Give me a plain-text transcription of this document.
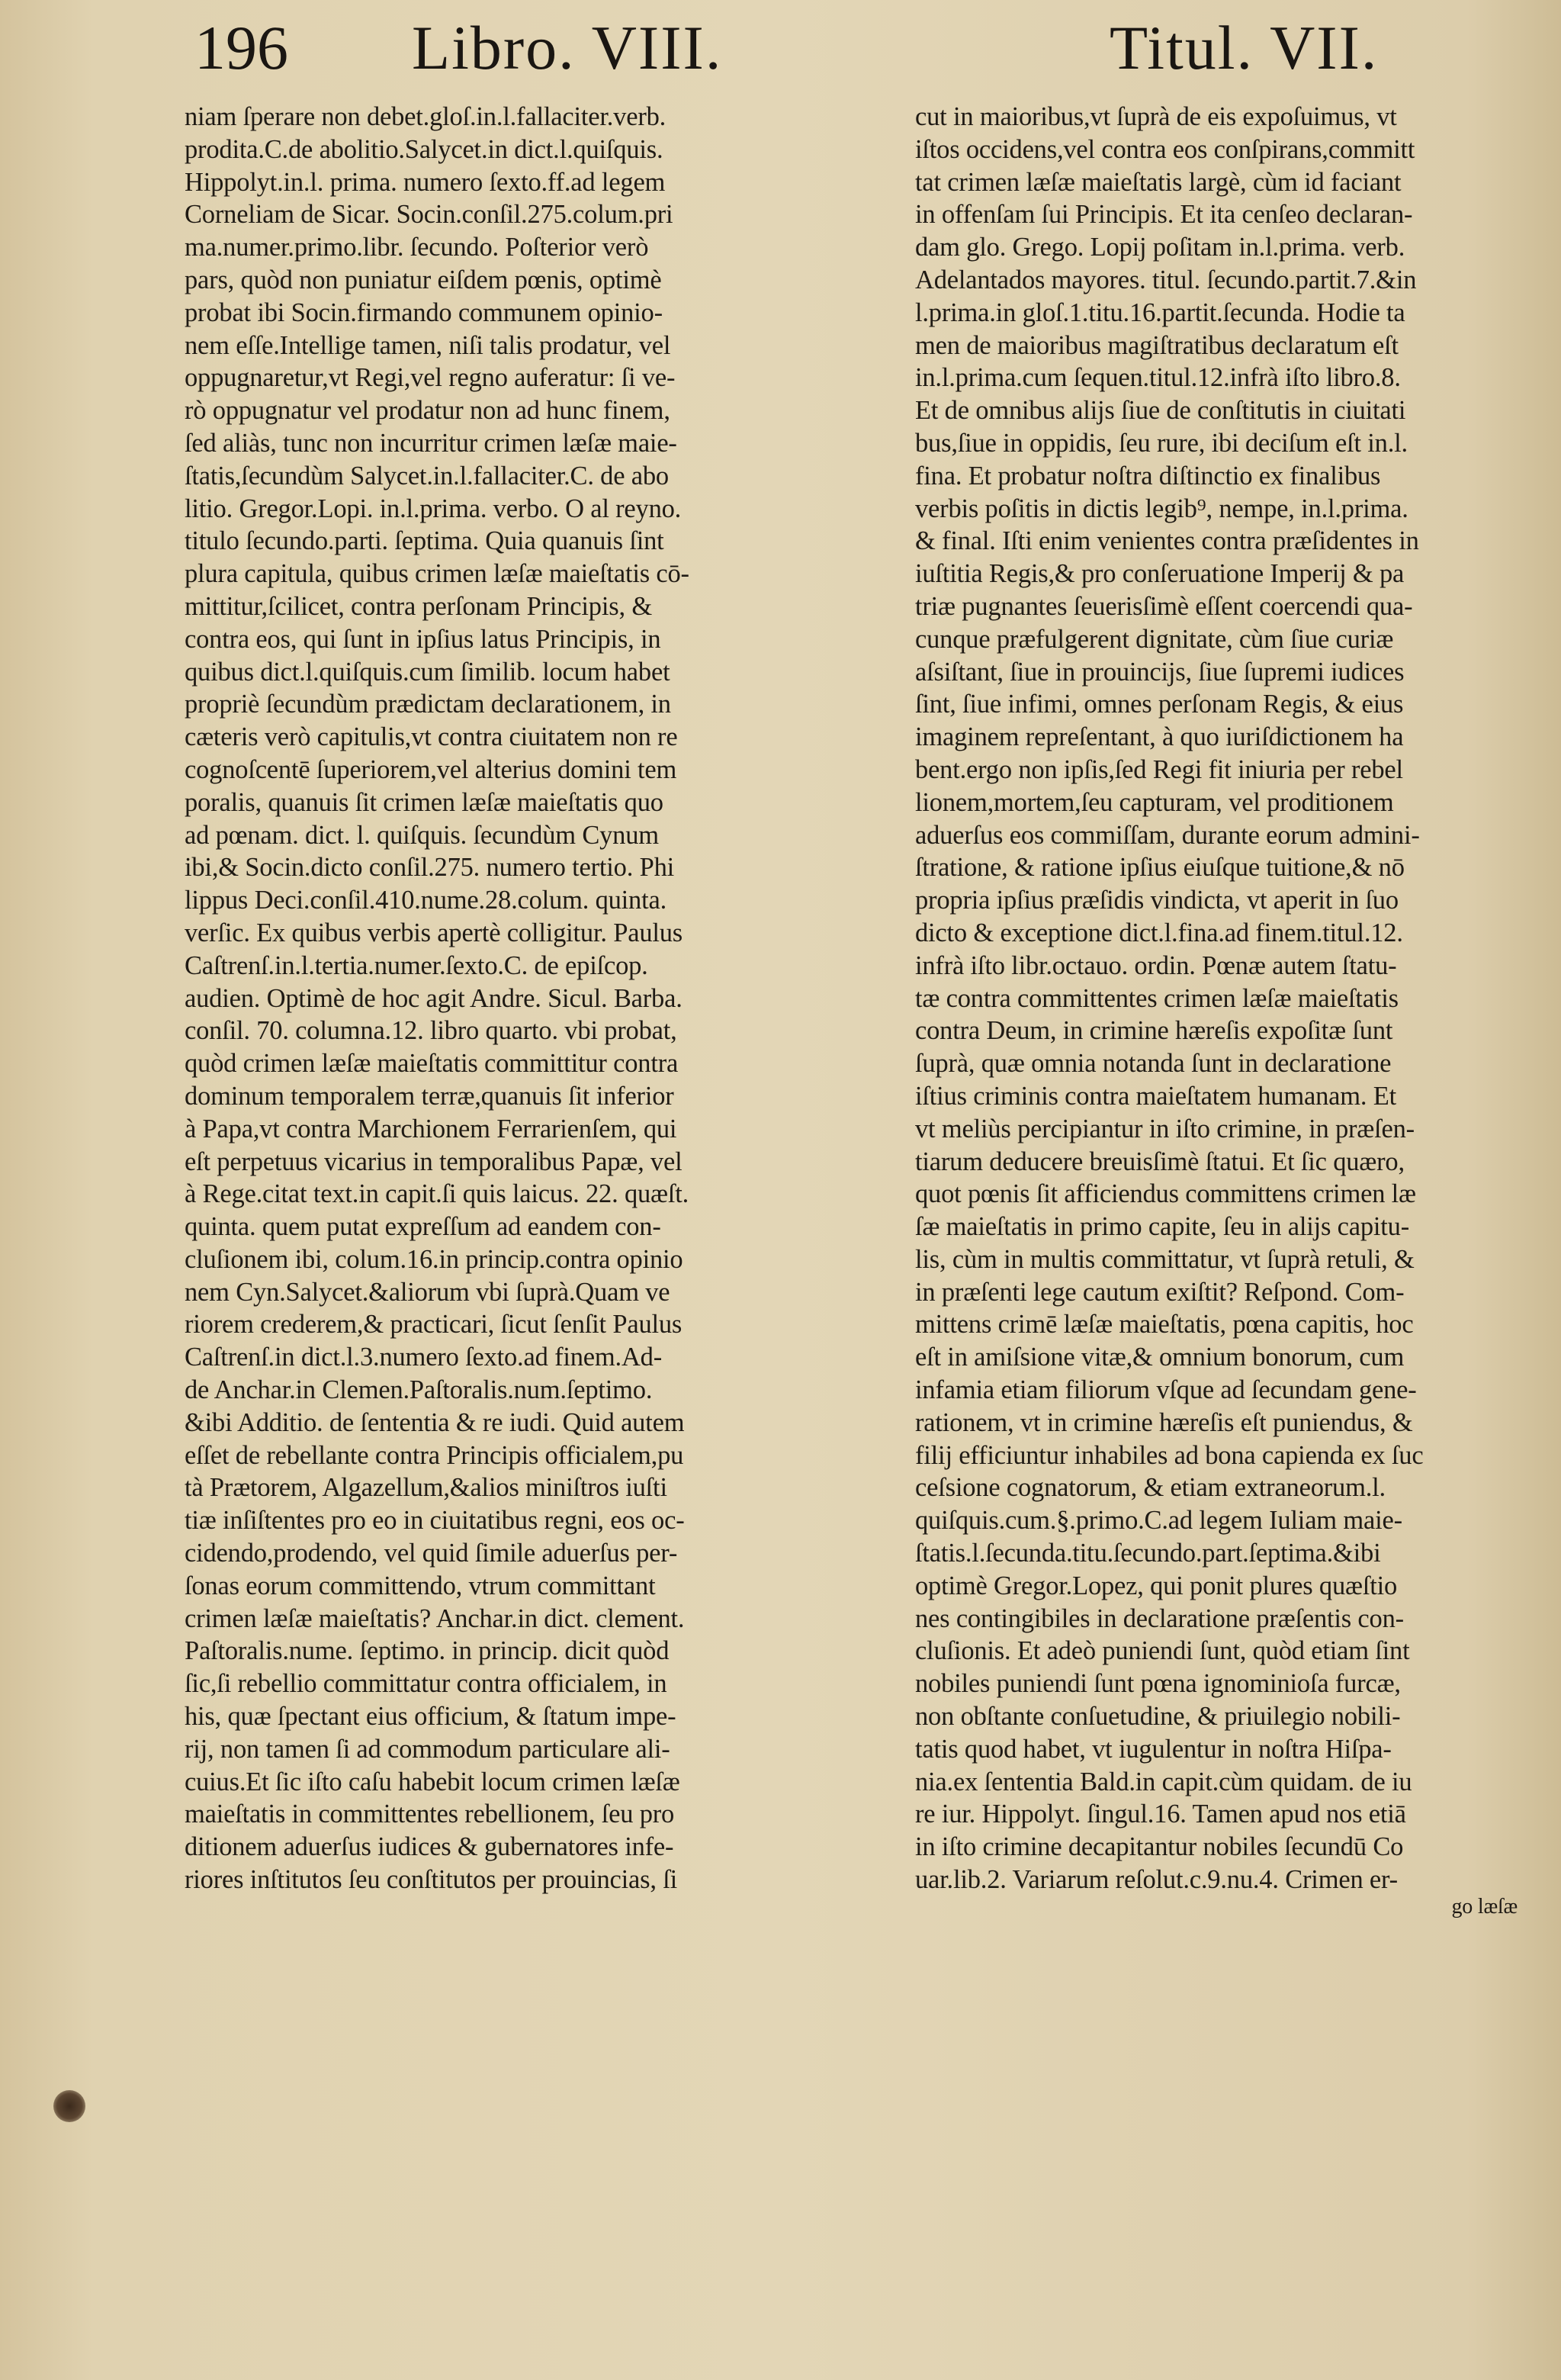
196 Libro. VIII.	Titul. VII.
niam ſperare non debet.gloſ.in.l.fallaciter.verb.
prodita.C.de abolitio.Salycet.in dict.l.quiſquis.
Hippolyt.in.l. prima. numero ſexto.ff.ad legem
Corneliam de Sicar. Socin.conſil.275.colum.pri
ma.numer.primo.libr. ſecundo. Poſterior verò
pars, quòd non puniatur eiſdem pœnis, optimè
probat ibi Socin.firmando communem opinio-
nem eſſe.Intellige tamen, niſi talis prodatur, vel
oppugnaretur,vt Regi,vel regno auferatur: ſi ve-
rò oppugnatur vel prodatur non ad hunc finem,
ſed aliàs, tunc non incurritur crimen læſæ maie-
ſtatis,ſecundùm Salycet.in.l.fallaciter.C. de abo
litio. Gregor.Lopi. in.l.prima. verbo. O al reyno.
titulo ſecundo.parti. ſeptima. Quia quanuis ſint
plura capitula, quibus crimen læſæ maieſtatis cō-
mittitur,ſcilicet, contra perſonam Principis, &
contra eos, qui ſunt in ipſius latus Principis, in
quibus dict.l.quiſquis.cum ſimilib. locum habet
propriè ſecundùm prædictam declarationem, in
cæteris verò capitulis,vt contra ciuitatem non re
cognoſcentē ſuperiorem,vel alterius domini tem
poralis, quanuis ſit crimen læſæ maieſtatis quo
ad pœnam. dict. l. quiſquis. ſecundùm Cynum
ibi,& Socin.dicto conſil.275. numero tertio. Phi
lippus Deci.conſil.410.nume.28.colum. quinta.
verſic. Ex quibus verbis apertè colligitur. Paulus
Caſtrenſ.in.l.tertia.numer.ſexto.C. de epiſcop.
audien. Optimè de hoc agit Andre. Sicul. Barba.
conſil. 70. columna.12. libro quarto. vbi probat,
quòd crimen læſæ maieſtatis committitur contra
dominum temporalem terræ,quanuis ſit inferior
à Papa,vt contra Marchionem Ferrarienſem, qui
eſt perpetuus vicarius in temporalibus Papæ, vel
à Rege.citat text.in capit.ſi quis laicus. 22. quæſt.
quinta. quem putat expreſſum ad eandem con-
cluſionem ibi, colum.16.in princip.contra opinio
nem Cyn.Salycet.&aliorum vbi ſuprà.Quam ve
riorem crederem,& practicari, ſicut ſenſit Paulus
Caſtrenſ.in dict.l.3.numero ſexto.ad finem.Ad-
de Anchar.in Clemen.Paſtoralis.num.ſeptimo.
&ibi Additio. de ſententia & re iudi. Quid autem
eſſet de rebellante contra Principis officialem,pu
tà Prætorem, Algazellum,&alios miniſtros iuſti
tiæ inſiſtentes pro eo in ciuitatibus regni, eos oc-
cidendo,prodendo, vel quid ſimile aduerſus per-
ſonas eorum committendo, vtrum committant
crimen læſæ maieſtatis? Anchar.in dict. clement.
Paſtoralis.nume. ſeptimo. in princip. dicit quòd
ſic,ſi rebellio committatur contra officialem, in
his, quæ ſpectant eius officium, & ſtatum impe-
rij, non tamen ſi ad commodum particulare ali-
cuius.Et ſic iſto caſu habebit locum crimen læſæ
maieſtatis in committentes rebellionem, ſeu pro
ditionem aduerſus iudices & gubernatores infe-
riores inſtitutos ſeu conſtitutos per prouincias, ſi
cut in maioribus,vt ſuprà de eis expoſuimus, vt
iſtos occidens,vel contra eos conſpirans,committ
tat crimen læſæ maieſtatis largè, cùm id faciant
in offenſam ſui Principis. Et ita cenſeo declaran-
dam glo. Grego. Lopij poſitam in.l.prima. verb.
Adelantados mayores. titul. ſecundo.partit.7.&in
l.prima.in gloſ.1.titu.16.partit.ſecunda. Hodie ta
men de maioribus magiſtratibus declaratum eſt
in.l.prima.cum ſequen.titul.12.infrà iſto libro.8.
Et de omnibus alijs ſiue de conſtitutis in ciuitati
bus,ſiue in oppidis, ſeu rure, ibi deciſum eſt in.l.
fina. Et probatur noſtra diſtinctio ex finalibus
verbis poſitis in dictis legib⁹, nempe, in.l.prima.
& final. Iſti enim venientes contra præſidentes in
iuſtitia Regis,& pro conſeruatione Imperij & pa
triæ pugnantes ſeuerisſimè eſſent coercendi qua-
cunque præfulgerent dignitate, cùm ſiue curiæ
aſsiſtant, ſiue in prouincijs, ſiue ſupremi iudices
ſint, ſiue infimi, omnes perſonam Regis, & eius
imaginem repreſentant, à quo iuriſdictionem ha
bent.ergo non ipſis,ſed Regi fit iniuria per rebel
lionem,mortem,ſeu capturam, vel proditionem
aduerſus eos commiſſam, durante eorum admini-
ſtratione, & ratione ipſius eiuſque tuitione,& nō
propria ipſius præſidis vindicta, vt aperit in ſuo
dicto & exceptione dict.l.fina.ad finem.titul.12.
infrà iſto libr.octauo. ordin. Pœnæ autem ſtatu-
tæ contra committentes crimen læſæ maieſtatis
contra Deum, in crimine hæreſis expoſitæ ſunt
ſuprà, quæ omnia notanda ſunt in declaratione
iſtius criminis contra maieſtatem humanam. Et
vt meliùs percipiantur in iſto crimine, in præſen-
tiarum deducere breuisſimè ſtatui. Et ſic quæro,
quot pœnis ſit afficiendus committens crimen læ
ſæ maieſtatis in primo capite, ſeu in alijs capitu-
lis, cùm in multis committatur, vt ſuprà retuli, &
in præſenti lege cautum exiſtit? Reſpond. Com-
mittens crimē læſæ maieſtatis, pœna capitis, hoc
eſt in amiſsione vitæ,& omnium bonorum, cum
infamia etiam filiorum vſque ad ſecundam gene-
rationem, vt in crimine hæreſis eſt puniendus, &
filij efficiuntur inhabiles ad bona capienda ex ſuc
ceſsione cognatorum, & etiam extraneorum.l.
quiſquis.cum.§.primo.C.ad legem Iuliam maie-
ſtatis.l.ſecunda.titu.ſecundo.part.ſeptima.&ibi
optimè Gregor.Lopez, qui ponit plures quæſtio
nes contingibiles in declaratione præſentis con-
cluſionis. Et adeò puniendi ſunt, quòd etiam ſint
nobiles puniendi ſunt pœna ignominioſa furcæ,
non obſtante conſuetudine, & priuilegio nobili-
tatis quod habet, vt iugulentur in noſtra Hiſpa-
nia.ex ſententia Bald.in capit.cùm quidam. de iu
re iur. Hippolyt. ſingul.16. Tamen apud nos etiā
in iſto crimine decapitantur nobiles ſecundū Co
uar.lib.2. Variarum reſolut.c.9.nu.4. Crimen er-
go læſæ
